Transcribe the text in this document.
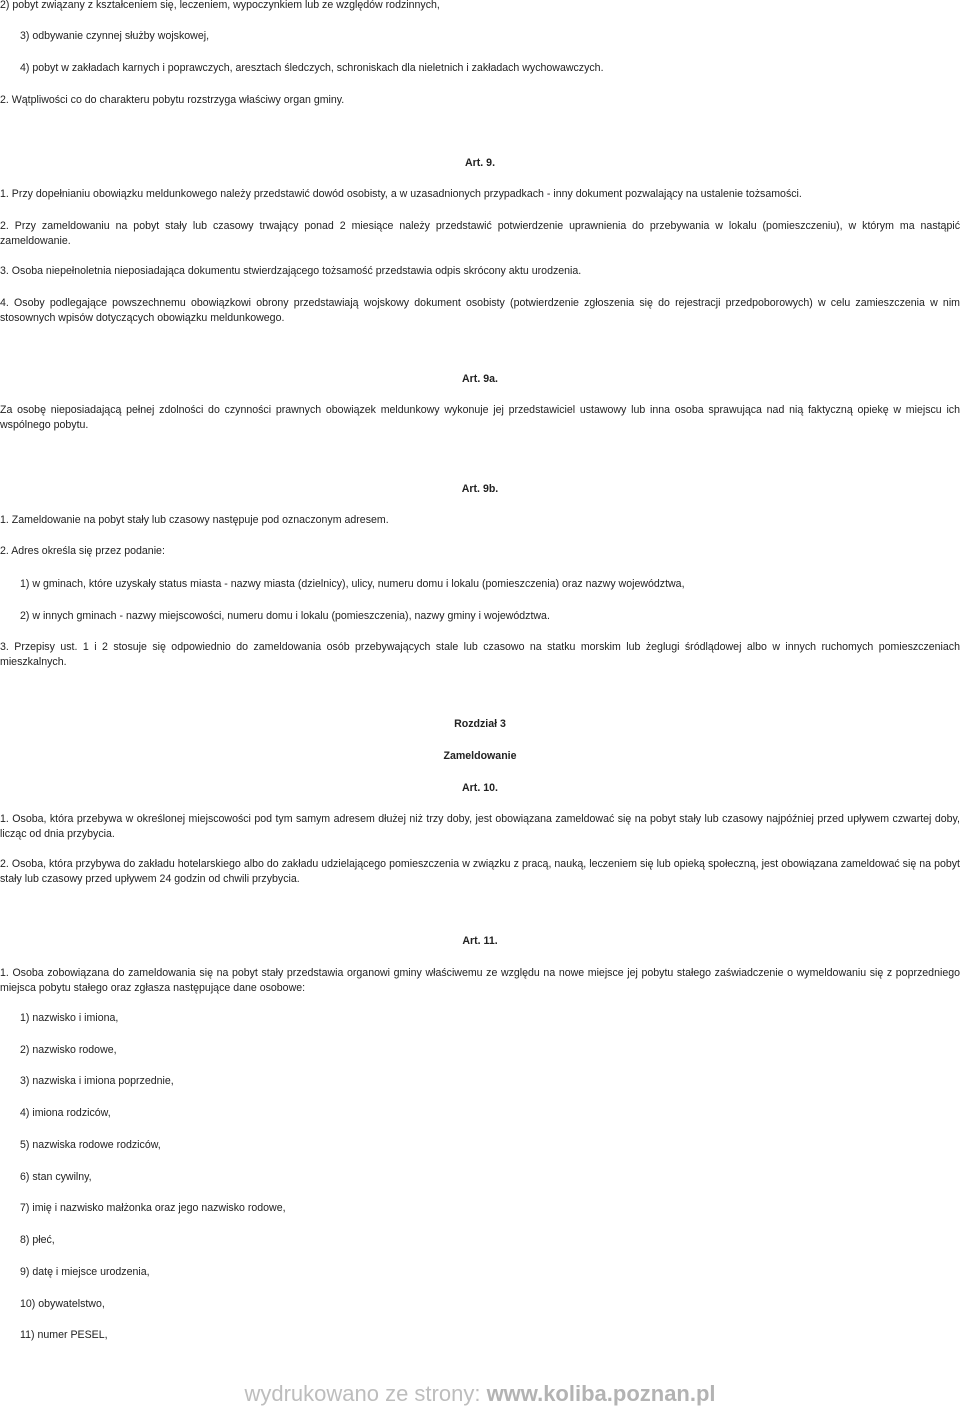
2) pobyt związany z kształceniem się, leczeniem, wypoczynkiem lub ze względów rodzinnych,
3) odbywanie czynnej służby wojskowej,
4) pobyt w zakładach karnych i poprawczych, aresztach śledczych, schroniskach dla nieletnich i zakładach wychowawczych.
2. Wątpliwości co do charakteru pobytu rozstrzyga właściwy organ gminy.
Art. 9.
1. Przy dopełnianiu obowiązku meldunkowego należy przedstawić dowód osobisty, a w uzasadnionych przypadkach - inny dokument pozwalający na ustalenie tożsamości.
2. Przy zameldowaniu na pobyt stały lub czasowy trwający ponad 2 miesiące należy przedstawić potwierdzenie uprawnienia do przebywania w lokalu (pomieszczeniu), w którym ma nastąpić zameldowanie.
3. Osoba niepełnoletnia nieposiadająca dokumentu stwierdzającego tożsamość przedstawia odpis skrócony aktu urodzenia.
4. Osoby podlegające powszechnemu obowiązkowi obrony przedstawiają wojskowy dokument osobisty (potwierdzenie zgłoszenia się do rejestracji przedpoborowych) w celu zamieszczenia w nim stosownych wpisów dotyczących obowiązku meldunkowego.
Art. 9a.
Za osobę nieposiadającą pełnej zdolności do czynności prawnych obowiązek meldunkowy wykonuje jej przedstawiciel ustawowy lub inna osoba sprawująca nad nią faktyczną opiekę w miejscu ich wspólnego pobytu.
Art. 9b.
1. Zameldowanie na pobyt stały lub czasowy następuje pod oznaczonym adresem.
2. Adres określa się przez podanie:
1) w gminach, które uzyskały status miasta - nazwy miasta (dzielnicy), ulicy, numeru domu i lokalu (pomieszczenia) oraz nazwy województwa,
2) w innych gminach - nazwy miejscowości, numeru domu i lokalu (pomieszczenia), nazwy gminy i województwa.
3. Przepisy ust. 1 i 2 stosuje się odpowiednio do zameldowania osób przebywających stale lub czasowo na statku morskim lub żeglugi śródlądowej albo w innych ruchomych pomieszczeniach mieszkalnych.
Rozdział 3
Zameldowanie
Art. 10.
1. Osoba, która przebywa w określonej miejscowości pod tym samym adresem dłużej niż trzy doby, jest obowiązana zameldować się na pobyt stały lub czasowy najpóźniej przed upływem czwartej doby, licząc od dnia przybycia.
2. Osoba, która przybywa do zakładu hotelarskiego albo do zakładu udzielającego pomieszczenia w związku z pracą, nauką, leczeniem się lub opieką społeczną, jest obowiązana zameldować się na pobyt stały lub czasowy przed upływem 24 godzin od chwili przybycia.
Art. 11.
1. Osoba zobowiązana do zameldowania się na pobyt stały przedstawia organowi gminy właściwemu ze względu na nowe miejsce jej pobytu stałego zaświadczenie o wymeldowaniu się z poprzedniego miejsca pobytu stałego oraz zgłasza następujące dane osobowe:
1) nazwisko i imiona,
2) nazwisko rodowe,
3) nazwiska i imiona poprzednie,
4) imiona rodziców,
5) nazwiska rodowe rodziców,
6) stan cywilny,
7) imię i nazwisko małżonka oraz jego nazwisko rodowe,
8) płeć,
9) datę i miejsce urodzenia,
10) obywatelstwo,
11) numer PESEL,
wydrukowano ze strony: www.koliba.poznan.pl
